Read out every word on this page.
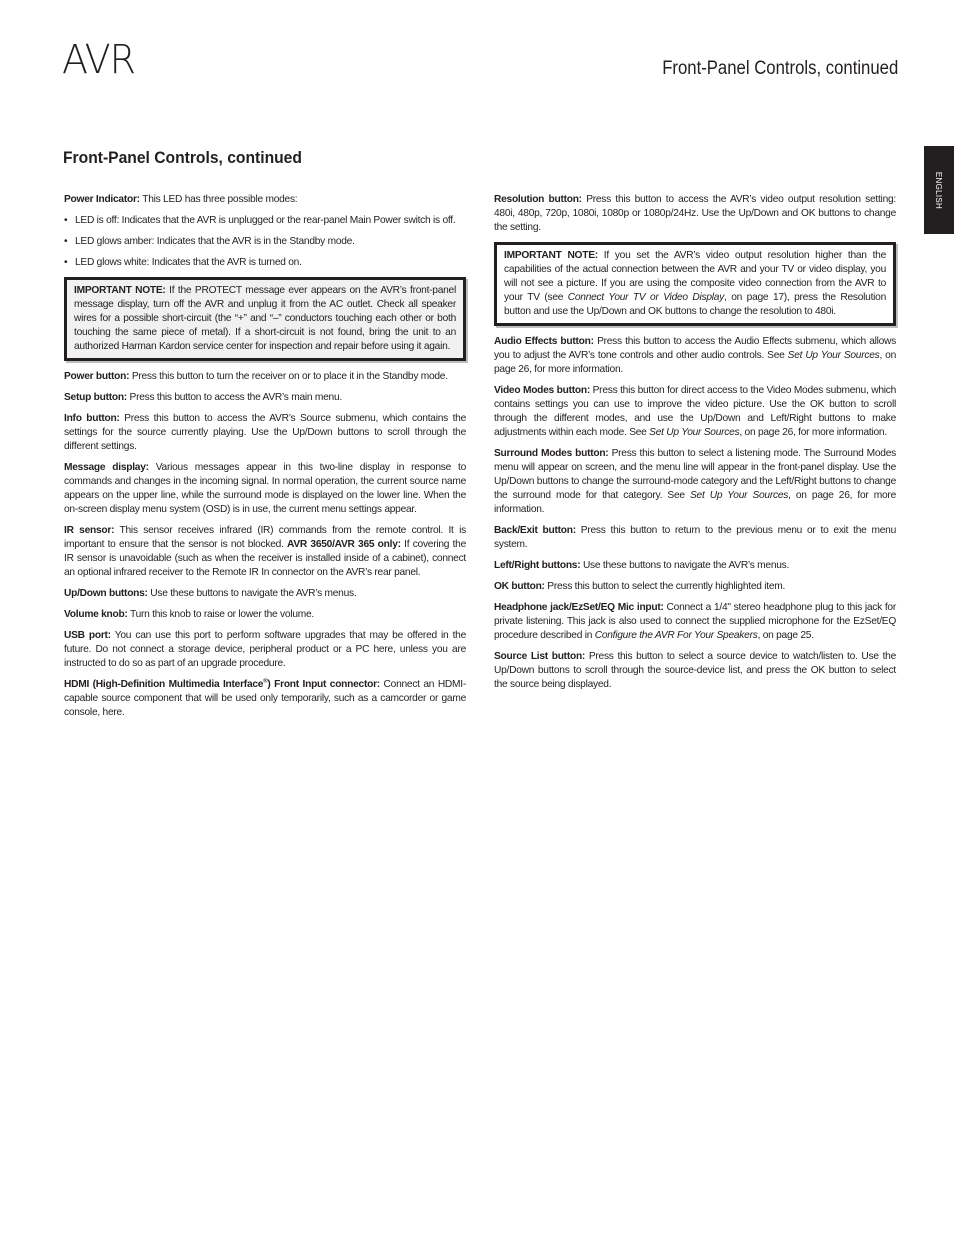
AVR	Front-Panel Controls, continued
ENGLISH
Front-Panel Controls, continued

Power Indicator: This LED has three possible modes:

• LED is off: Indicates that the AVR is unplugged or the rear-panel Main Power switch is off.
• LED glows amber: Indicates that the AVR is in the Standby mode.
• LED glows white: Indicates that the AVR is turned on.

IMPORTANT NOTE: If the PROTECT message ever appears on the AVR’s front-panel message display, turn off the AVR and unplug it from the AC outlet. Check all speaker wires for a possible short-circuit (the “+” and “–” conductors touching each other or both touching the same piece of metal). If a short-circuit is not found, bring the unit to an authorized Harman Kardon service center for inspection and repair before using it again.

Power button: Press this button to turn the receiver on or to place it in the Standby mode.

Setup button: Press this button to access the AVR’s main menu.

Info button: Press this button to access the AVR’s Source submenu, which contains the settings for the source currently playing. Use the Up/Down buttons to scroll through the different settings.

Message display: Various messages appear in this two-line display in response to commands and changes in the incoming signal. In normal operation, the current source name appears on the upper line, while the surround mode is displayed on the lower line. When the on-screen display menu system (OSD) is in use, the current menu settings appear.

IR sensor: This sensor receives infrared (IR) commands from the remote control. It is important to ensure that the sensor is not blocked. AVR 3650/AVR 365 only: If covering the IR sensor is unavoidable (such as when the receiver is installed inside of a cabinet), connect an optional infrared receiver to the Remote IR In connector on the AVR’s rear panel.

Up/Down buttons: Use these buttons to navigate the AVR’s menus.

Volume knob: Turn this knob to raise or lower the volume.

USB port: You can use this port to perform software upgrades that may be offered in the future. Do not connect a storage device, peripheral product or a PC here, unless you are instructed to do so as part of an upgrade procedure.

HDMI (High-Definition Multimedia Interface®) Front Input connector: Connect an HDMI-capable source component that will be used only temporarily, such as a camcorder or game console, here.

Resolution button: Press this button to access the AVR’s video output resolution setting: 480i, 480p, 720p, 1080i, 1080p or 1080p/24Hz. Use the Up/Down and OK buttons to change the setting.

IMPORTANT NOTE: If you set the AVR’s video output resolution higher than the capabilities of the actual connection between the AVR and your TV or video display, you will not see a picture. If you are using the composite video connection from the AVR to your TV (see Connect Your TV or Video Display, on page 17), press the Resolution button and use the Up/Down and OK buttons to change the resolution to 480i.

Audio Effects button: Press this button to access the Audio Effects submenu, which allows you to adjust the AVR’s tone controls and other audio controls. See Set Up Your Sources, on page 26, for more information.

Video Modes button: Press this button for direct access to the Video Modes submenu, which contains settings you can use to improve the video picture. Use the OK button to scroll through the different modes, and use the Up/Down and Left/Right buttons to make adjustments within each mode. See Set Up Your Sources, on page 26, for more information.

Surround Modes button: Press this button to select a listening mode. The Surround Modes menu will appear on screen, and the menu line will appear in the front-panel display. Use the Up/Down buttons to change the surround-mode category and the Left/Right buttons to change the surround mode for that category. See Set Up Your Sources, on page 26, for more information.

Back/Exit button: Press this button to return to the previous menu or to exit the menu system.

Left/Right buttons: Use these buttons to navigate the AVR’s menus.

OK button: Press this button to select the currently highlighted item.

Headphone jack/EzSet/EQ Mic input: Connect a 1/4" stereo headphone plug to this jack for private listening. This jack is also used to connect the supplied microphone for the EzSet/EQ procedure described in Configure the AVR For Your Speakers, on page 25.

Source List button: Press this button to select a source device to watch/listen to. Use the Up/Down buttons to scroll through the source-device list, and press the OK button to select the source being displayed.
